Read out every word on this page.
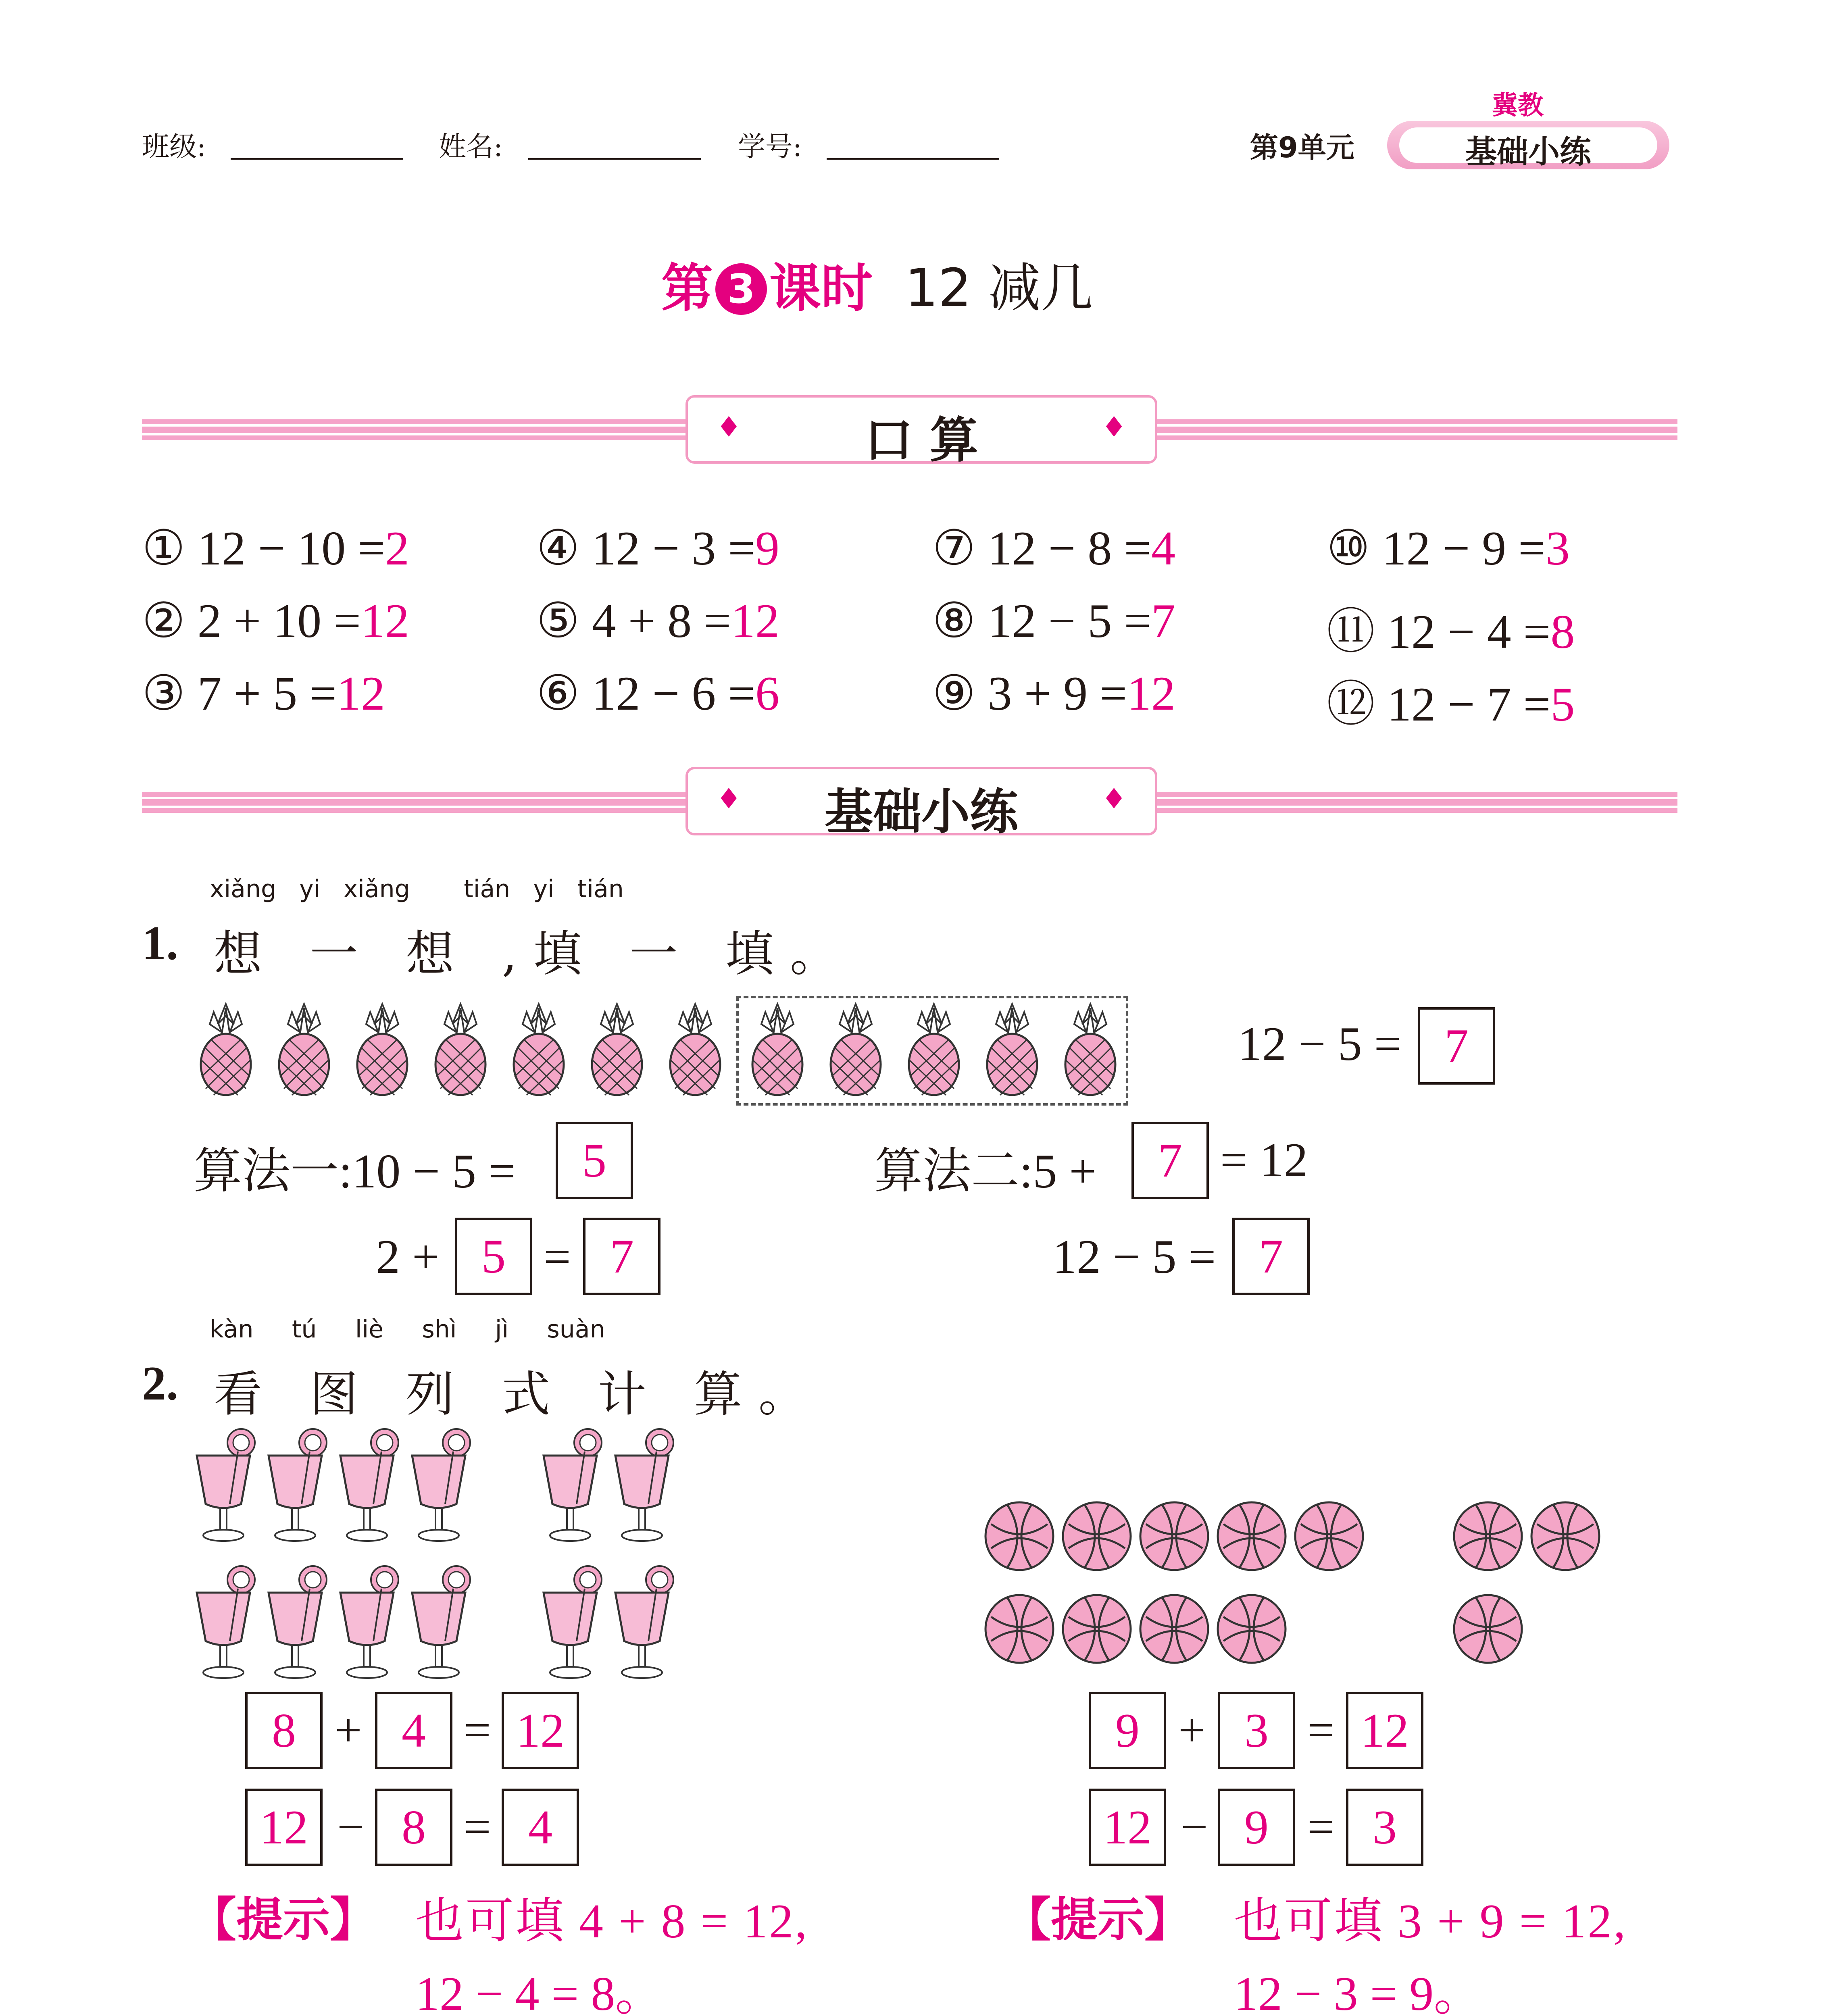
班级:	姓名:	学号:	第9单元
冀教
基础小练
第 3 课时 12 减几
♦	口 算	♦
① 12 − 10 =2	④ 12 − 3 =9	⑦ 12 − 8 =4	⑩ 12 − 9 =3
② 2 + 10 =12	⑤ 4 + 8 =12	⑧ 12 − 5 =7	⑪ 12 − 4 =8
③ 7 + 5 =12	⑥ 12 − 6 =6	⑨ 3 + 9 =12	⑫ 12 − 7 =5
♦	基础小练	♦
xiǎng yi xiǎng tián yi tián
1. 想 一 想 ,填 一 填。
12 − 5 = 7
算法一:10 − 5 =	5
2 + 5 = 7
算法二:5 +	7 = 12
12 − 5 = 7
kàn tú liè shì jì suàn
2. 看 图 列 式 计 算。
8 + 4 = 12
12 − 8 = 4
9 + 3 = 12
12 − 9 = 3
【提示】 也可填 4 + 8 = 12,
12 − 4 = 8。
【提示】 也可填 3 + 9 = 12,
12 − 3 = 9。
